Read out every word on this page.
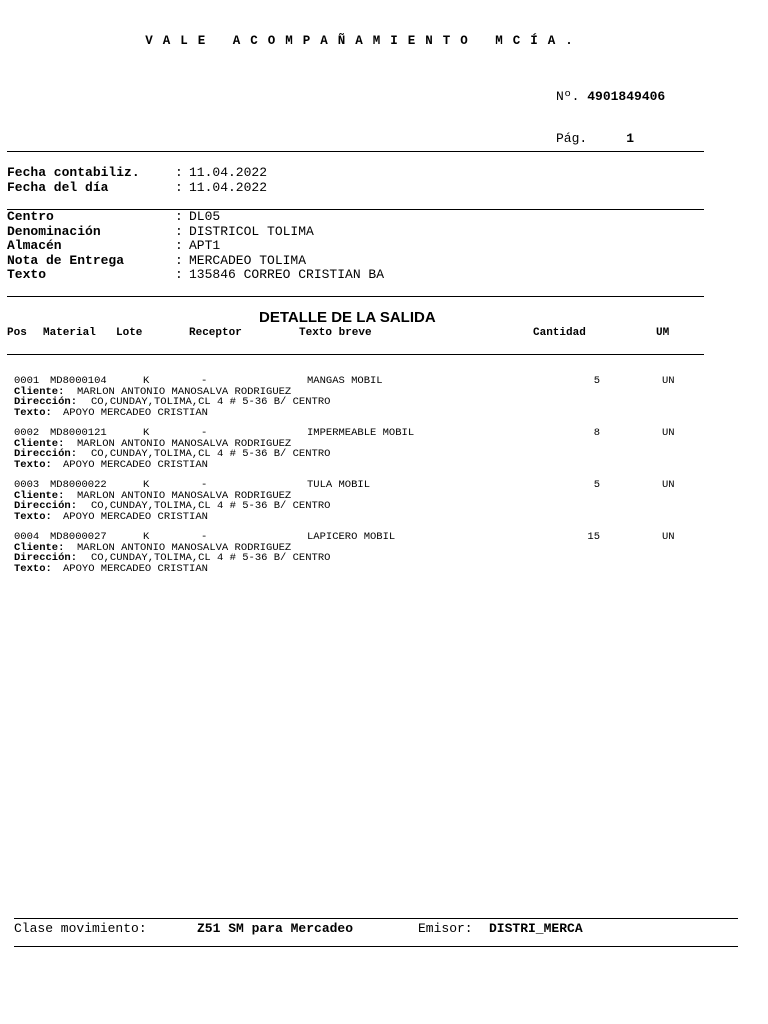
VALE ACOMPAÑAMIENTO MCÍA.

Nº. 4901849406

Pág.	1

Fecha contabiliz.	: 11.04.2022
Fecha del día	: 11.04.2022
Centro	: DL05
Denominación	: DISTRICOL TOLIMA
Almacén	: APT1
Nota de Entrega	: MERCADEO TOLIMA
Texto	: 135846 CORREO CRISTIAN BA
DETALLE DE LA SALIDA
Pos Material Lote	Receptor	Texto breve	Cantidad	UM
0001 MD8000104	K	-	MANGAS MOBIL	5	UN
Cliente: MARLON ANTONIO MANOSALVA RODRIGUEZ
Dirección: CO,CUNDAY,TOLIMA,CL 4 # 5-36 B/ CENTRO
Texto: APOYO MERCADEO CRISTIAN
0002 MD8000121	K	-	IMPERMEABLE MOBIL	8	UN
Cliente: MARLON ANTONIO MANOSALVA RODRIGUEZ
Dirección: CO,CUNDAY,TOLIMA,CL 4 # 5-36 B/ CENTRO
Texto: APOYO MERCADEO CRISTIAN
0003 MD8000022	K	-	TULA MOBIL	5	UN
Cliente: MARLON ANTONIO MANOSALVA RODRIGUEZ
Dirección: CO,CUNDAY,TOLIMA,CL 4 # 5-36 B/ CENTRO
Texto: APOYO MERCADEO CRISTIAN
0004 MD8000027	K	-	LAPICERO MOBIL	15	UN
Cliente: MARLON ANTONIO MANOSALVA RODRIGUEZ
Dirección: CO,CUNDAY,TOLIMA,CL 4 # 5-36 B/ CENTRO
Texto: APOYO MERCADEO CRISTIAN
Clase movimiento:	Z51 SM para Mercadeo	Emisor: DISTRI_MERCA
